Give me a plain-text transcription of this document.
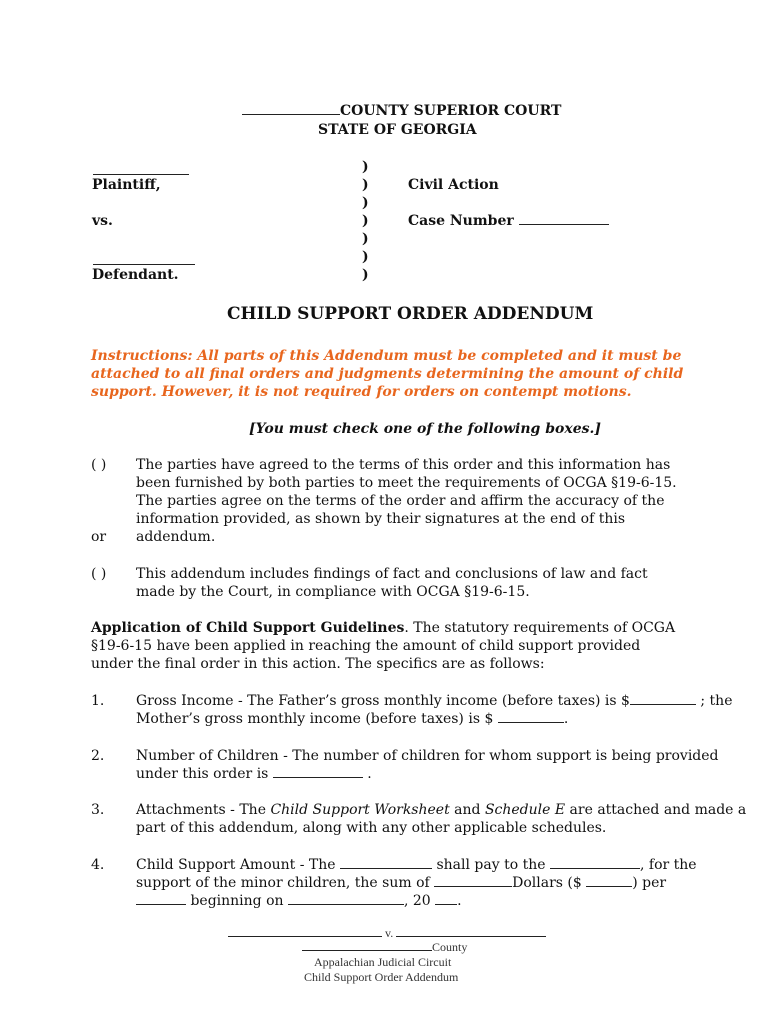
COUNTY SUPERIOR COURT
STATE OF GEORGIA
Plaintiff,
vs.
Defendant.
)
)
)
)
)
)
)
Civil Action
Case Number
CHILD SUPPORT ORDER ADDENDUM
Instructions: All parts of this Addendum must be completed and it must be attached to all final orders and judgments determining the amount of child support. However, it is not required for orders on contempt motions.
[You must check one of the following boxes.]
( ) The parties have agreed to the terms of this order and this information has been furnished by both parties to meet the requirements of OCGA §19-6-15. The parties agree on the terms of the order and affirm the accuracy of the information provided, as shown by their signatures at the end of this addendum.
or
( ) This addendum includes findings of fact and conclusions of law and fact made by the Court, in compliance with OCGA §19-6-15.
Application of Child Support Guidelines. The statutory requirements of OCGA §19-6-15 have been applied in reaching the amount of child support provided under the final order in this action. The specifics are as follows:
1. Gross Income - The Father’s gross monthly income (before taxes) is $	; the
Mother’s gross monthly income (before taxes) is $	.
2. Number of Children - The number of children for whom support is being provided
under this order is	.
3. Attachments - The Child Support Worksheet and Schedule E are attached and made a
part of this addendum, along with any other applicable schedules.
4. Child Support Amount - The	shall pay to the	, for the
support of the minor children, the sum of	Dollars ($	) per
beginning on	, 20 .
v.
County
Appalachian Judicial Circuit
Child Support Order Addendum
